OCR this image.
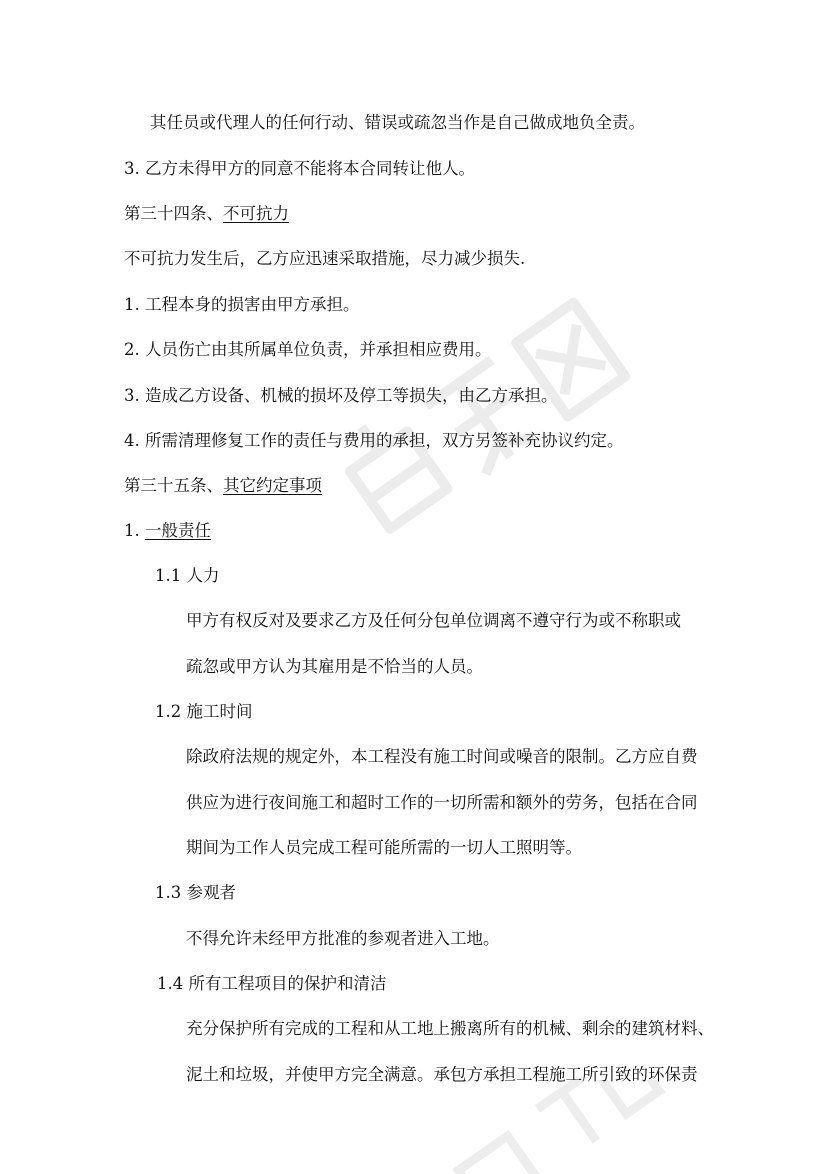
其任员或代理人的任何行动、错误或疏忽当作是自己做成地负全责。
3. 乙方未得甲方的同意不能将本合同转让他人。
第三十四条、不可抗力
不可抗力发生后，乙方应迅速采取措施，尽力减少损失.
1. 工程本身的损害由甲方承担。
2. 人员伤亡由其所属单位负责，并承担相应费用。
3. 造成乙方设备、机械的损坏及停工等损失，由乙方承担。
4. 所需清理修复工作的责任与费用的承担，双方另签补充协议约定。
第三十五条、其它约定事项
1. 一般责任
1.1 人力
甲方有权反对及要求乙方及任何分包单位调离不遵守行为或不称职或
疏忽或甲方认为其雇用是不恰当的人员。
1.2 施工时间
除政府法规的规定外，本工程没有施工时间或噪音的限制。乙方应自费
供应为进行夜间施工和超时工作的一切所需和额外的劳务，包括在合同
期间为工作人员完成工程可能所需的一切人工照明等。
1.3 参观者
不得允许未经甲方批准的参观者进入工地。
1.4 所有工程项目的保护和清洁
充分保护所有完成的工程和从工地上搬离所有的机械、剩余的建筑材料、
泥土和垃圾，并使甲方完全满意。承包方承担工程施工所引致的环保责
